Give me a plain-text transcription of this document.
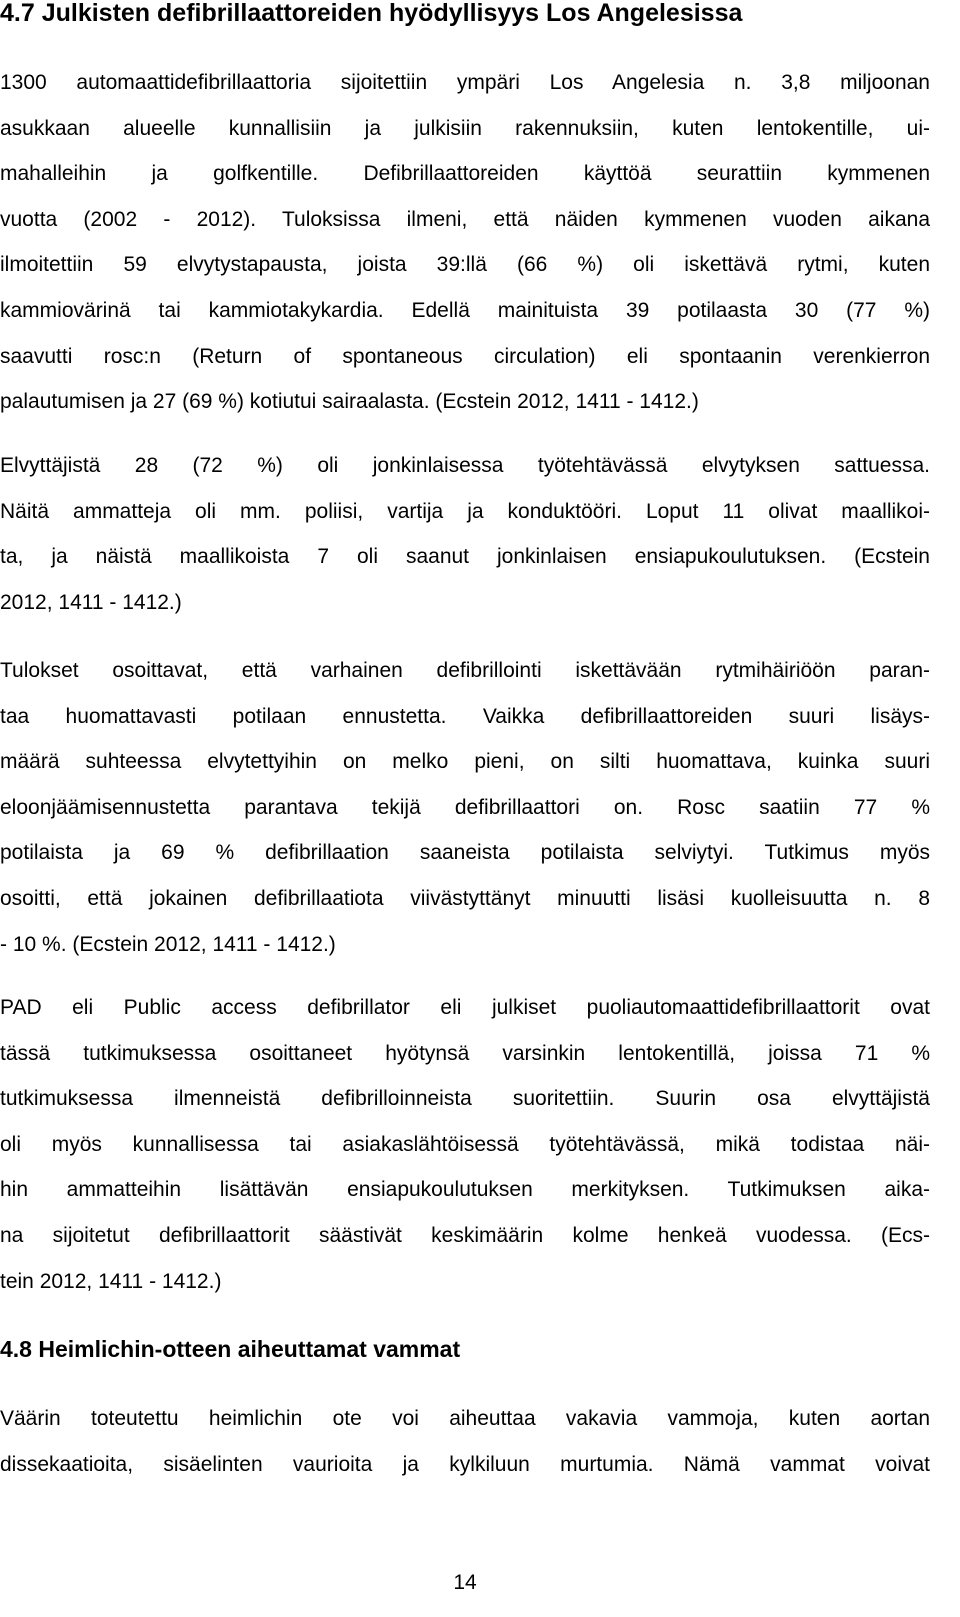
4.7 Julkisten defibrillaattoreiden hyödyllisyys Los Angelesissa
1300 automaattidefibrillaattoria sijoitettiin ympäri Los Angelesia n. 3,8 miljoonan
asukkaan alueelle kunnallisiin ja julkisiin rakennuksiin, kuten lentokentille, ui-
mahalleihin ja golfkentille. Defibrillaattoreiden käyttöä seurattiin kymmenen
vuotta (2002 - 2012). Tuloksissa ilmeni, että näiden kymmenen vuoden aikana
ilmoitettiin 59 elvytystapausta, joista 39:llä (66 %) oli iskettävä rytmi, kuten
kammiovärinä tai kammiotakykardia. Edellä mainituista 39 potilaasta 30 (77 %)
saavutti rosc:n (Return of spontaneous circulation) eli spontaanin verenkierron
palautumisen ja 27 (69 %) kotiutui sairaalasta. (Ecstein 2012, 1411 - 1412.)
Elvyttäjistä 28 (72 %) oli jonkinlaisessa työtehtävässä elvytyksen sattuessa.
Näitä ammatteja oli mm. poliisi, vartija ja konduktööri. Loput 11 olivat maallikoi-
ta, ja näistä maallikoista 7 oli saanut jonkinlaisen ensiapukoulutuksen. (Ecstein
2012, 1411 - 1412.)
Tulokset osoittavat, että varhainen defibrillointi iskettävään rytmihäiriöön paran-
taa huomattavasti potilaan ennustetta. Vaikka defibrillaattoreiden suuri lisäys-
määrä suhteessa elvytettyihin on melko pieni, on silti huomattava, kuinka suuri
eloonjäämisennustetta parantava tekijä defibrillaattori on. Rosc saatiin 77 %
potilaista ja 69 % defibrillaation saaneista potilaista selviytyi. Tutkimus myös
osoitti, että jokainen defibrillaatiota viivästyttänyt minuutti lisäsi kuolleisuutta n. 8
- 10 %. (Ecstein 2012, 1411 - 1412.)
PAD eli Public access defibrillator eli julkiset puoliautomaattidefibrillaattorit ovat
tässä tutkimuksessa osoittaneet hyötynsä varsinkin lentokentillä, joissa 71 %
tutkimuksessa ilmenneistä defibrilloinneista suoritettiin. Suurin osa elvyttäjistä
oli myös kunnallisessa tai asiakaslähtöisessä työtehtävässä, mikä todistaa näi-
hin ammatteihin lisättävän ensiapukoulutuksen merkityksen. Tutkimuksen aika-
na sijoitetut defibrillaattorit säästivät keskimäärin kolme henkeä vuodessa. (Ecs-
tein 2012, 1411 - 1412.)
4.8 Heimlichin-otteen aiheuttamat vammat
Väärin toteutettu heimlichin ote voi aiheuttaa vakavia vammoja, kuten aortan
dissekaatioita, sisäelinten vaurioita ja kylkiluun murtumia. Nämä vammat voivat
14
